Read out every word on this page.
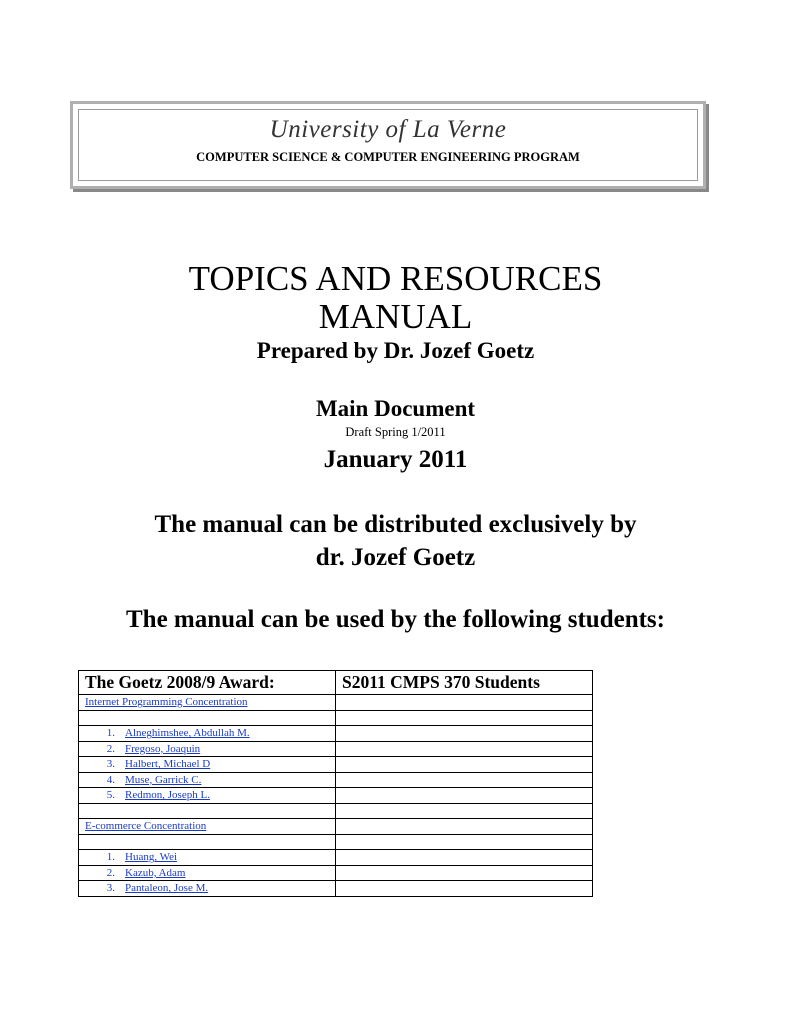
University of La Verne
COMPUTER SCIENCE & COMPUTER ENGINEERING PROGRAM
TOPICS AND RESOURCES
MANUAL
Prepared by Dr. Jozef Goetz
Main Document
Draft Spring 1/2011
January 2011
The manual can be distributed exclusively by
dr. Jozef Goetz
The manual can be used by the following students:
The Goetz 2008/9 Award:	S2011 CMPS 370 Students
Internet Programming Concentration	

1. Alneghimshee, Abdullah M.	
2. Fregoso, Joaquin	
3. Halbert, Michael D	
4. Muse, Garrick C.	
5. Redmon, Joseph L.	

E-commerce Concentration	

1. Huang, Wei	
2. Kazub, Adam	
3. Pantaleon, Jose M.	
